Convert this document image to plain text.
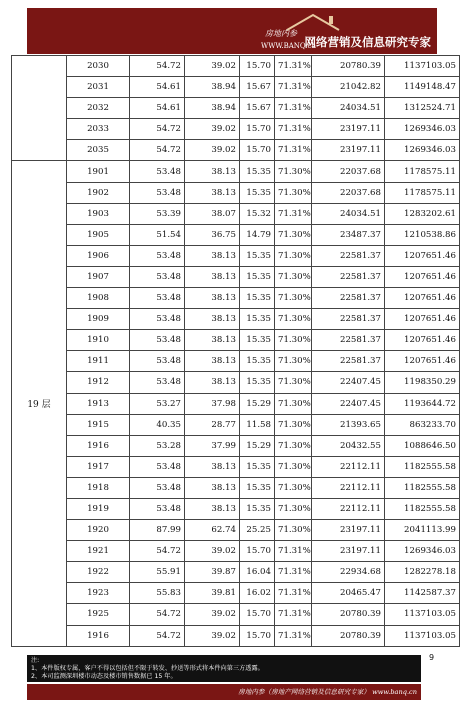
房地内参
WWW.BANQ.cn
网络营销及信息研究专家
	2030	54.72	39.02	15.70	71.31%	20780.39	1137103.05
	2031	54.61	38.94	15.67	71.31%	21042.82	1149148.47
	2032	54.61	38.94	15.67	71.31%	24034.51	1312524.71
	2033	54.72	39.02	15.70	71.31%	23197.11	1269346.03
	2035	54.72	39.02	15.70	71.31%	23197.11	1269346.03
19 层	1901	53.48	38.13	15.35	71.30%	22037.68	1178575.11
	1902	53.48	38.13	15.35	71.30%	22037.68	1178575.11
	1903	53.39	38.07	15.32	71.31%	24034.51	1283202.61
	1905	51.54	36.75	14.79	71.30%	23487.37	1210538.86
	1906	53.48	38.13	15.35	71.30%	22581.37	1207651.46
	1907	53.48	38.13	15.35	71.30%	22581.37	1207651.46
	1908	53.48	38.13	15.35	71.30%	22581.37	1207651.46
	1909	53.48	38.13	15.35	71.30%	22581.37	1207651.46
	1910	53.48	38.13	15.35	71.30%	22581.37	1207651.46
	1911	53.48	38.13	15.35	71.30%	22581.37	1207651.46
	1912	53.48	38.13	15.35	71.30%	22407.45	1198350.29
	1913	53.27	37.98	15.29	71.30%	22407.45	1193644.72
	1915	40.35	28.77	11.58	71.30%	21393.65	863233.70
	1916	53.28	37.99	15.29	71.30%	20432.55	1088646.50
	1917	53.48	38.13	15.35	71.30%	22112.11	1182555.58
	1918	53.48	38.13	15.35	71.30%	22112.11	1182555.58
	1919	53.48	38.13	15.35	71.30%	22112.11	1182555.58
	1920	87.99	62.74	25.25	71.30%	23197.11	2041113.99
	1921	54.72	39.02	15.70	71.31%	23197.11	1269346.03
	1922	55.91	39.87	16.04	71.31%	22934.68	1282278.18
	1923	55.83	39.81	16.02	71.31%	20465.47	1142587.37
	1925	54.72	39.02	15.70	71.31%	20780.39	1137103.05
	1916	54.72	39.02	15.70	71.31%	20780.39	1137103.05
注:
1、本件版权专属，客户不得以包括但不限于转发、抄送等形式将本件向第三方透露。
2、本司监测深圳楼市动态及楼市销售数据已 15 年。
9
房地内参（房地产网络营销及信息研究专家） www.banq.cn
